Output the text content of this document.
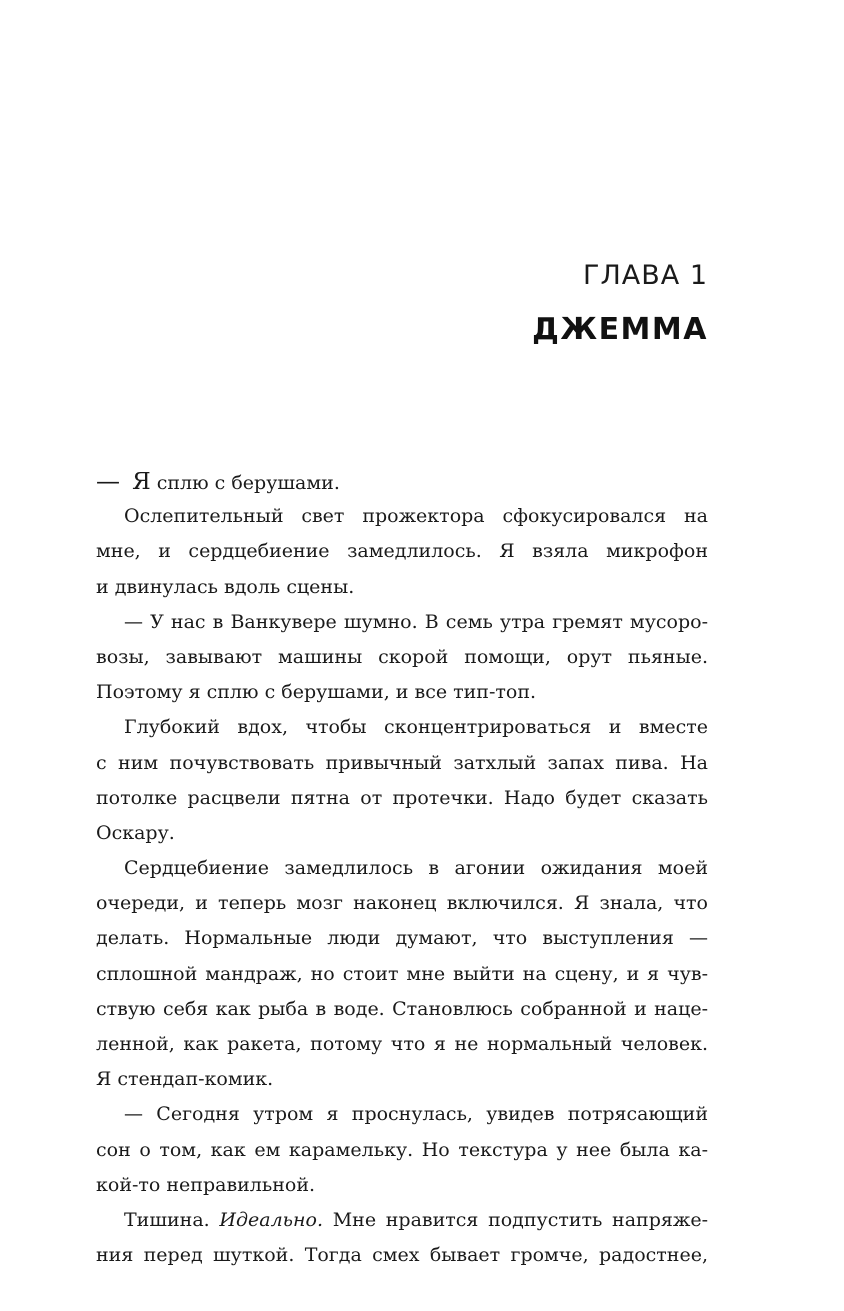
ГЛАВА 1
ДЖЕММА
— Я сплю с берушами.
Ослепительный свет прожектора сфокусировался на
мне, и сердцебиение замедлилось. Я взяла микрофон
и двинулась вдоль сцены.
— У нас в Ванкувере шумно. В семь утра гремят мусоро-
возы, завывают машины скорой помощи, орут пьяные.
Поэтому я сплю с берушами, и все тип-топ.
Глубокий вдох, чтобы сконцентрироваться и вместе
с ним почувствовать привычный затхлый запах пива. На
потолке расцвели пятна от протечки. Надо будет сказать
Оскару.
Сердцебиение замедлилось в агонии ожидания моей
очереди, и теперь мозг наконец включился. Я знала, что
делать. Нормальные люди думают, что выступления —
сплошной мандраж, но стоит мне выйти на сцену, и я чув-
ствую себя как рыба в воде. Становлюсь собранной и наце-
ленной, как ракета, потому что я не нормальный человек.
Я стендап-комик.
— Сегодня утром я проснулась, увидев потрясающий
сон о том, как ем карамельку. Но текстура у нее была ка-
кой-то неправильной.
Тишина. Идеально. Мне нравится подпустить напряже-
ния перед шуткой. Тогда смех бывает громче, радостнее,
